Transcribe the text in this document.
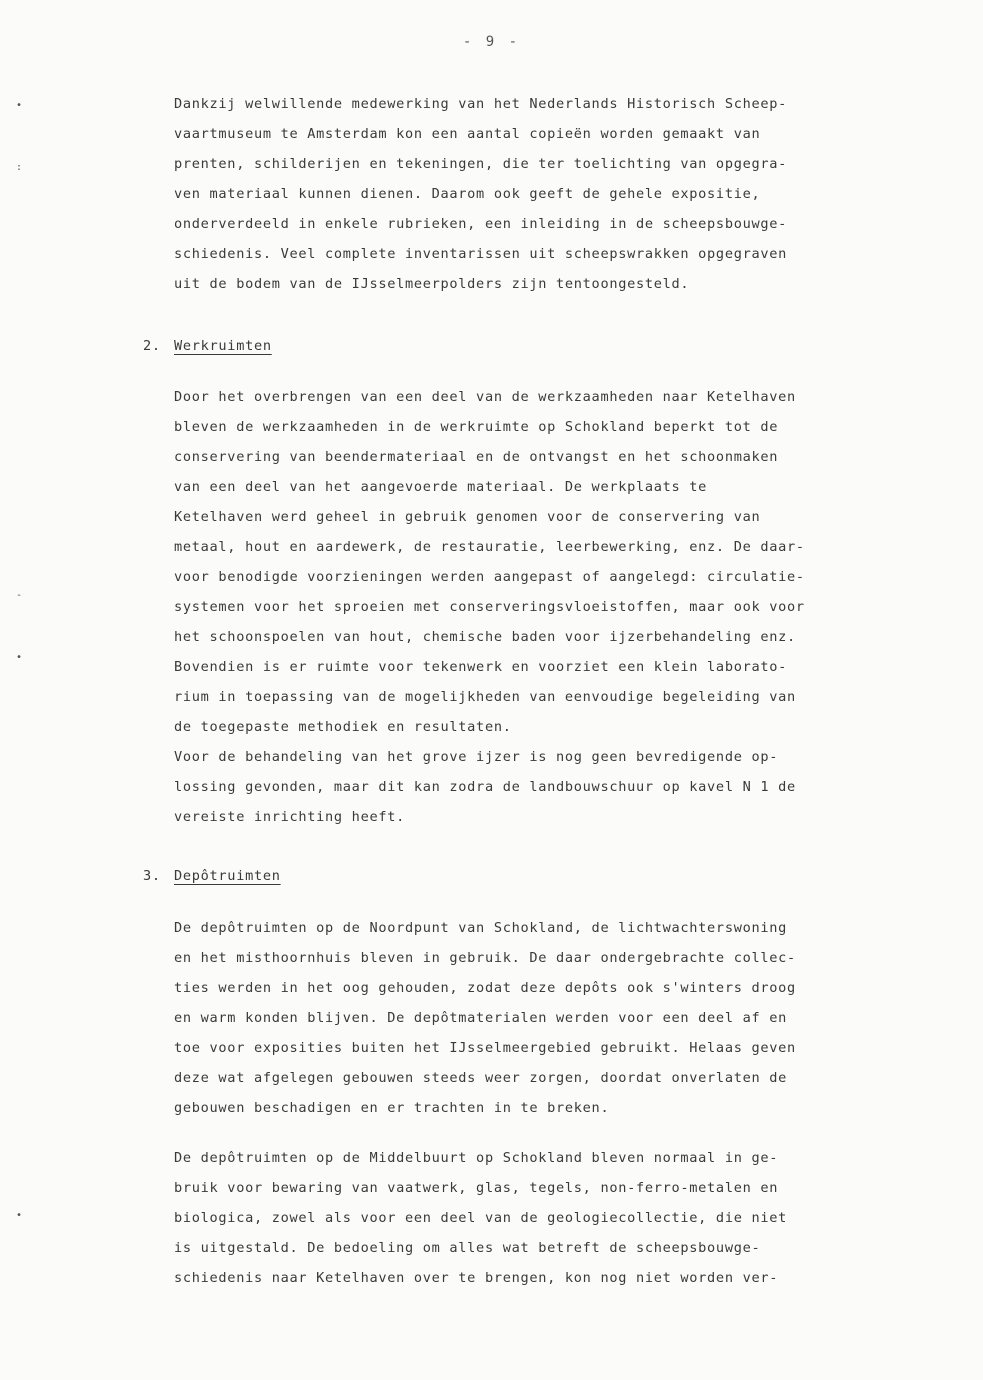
- 9 -
•
:
-
•
•
Dankzij welwillende medewerking van het Nederlands Historisch Scheep-
vaartmuseum te Amsterdam kon een aantal copieën worden gemaakt van
prenten, schilderijen en tekeningen, die ter toelichting van opgegra-
ven materiaal kunnen dienen. Daarom ook geeft de gehele expositie,
onderverdeeld in enkele rubrieken, een inleiding in de scheepsbouwge-
schiedenis. Veel complete inventarissen uit scheepswrakken opgegraven
uit de bodem van de IJsselmeerpolders zijn tentoongesteld.
2. Werkruimten
Door het overbrengen van een deel van de werkzaamheden naar Ketelhaven
bleven de werkzaamheden in de werkruimte op Schokland beperkt tot de
conservering van beendermateriaal en de ontvangst en het schoonmaken
van een deel van het aangevoerde materiaal. De werkplaats te
Ketelhaven werd geheel in gebruik genomen voor de conservering van
metaal, hout en aardewerk, de restauratie, leerbewerking, enz. De daar-
voor benodigde voorzieningen werden aangepast of aangelegd: circulatie-
systemen voor het sproeien met conserveringsvloeistoffen, maar ook voor
het schoonspoelen van hout, chemische baden voor ijzerbehandeling enz.
Bovendien is er ruimte voor tekenwerk en voorziet een klein laborato-
rium in toepassing van de mogelijkheden van eenvoudige begeleiding van
de toegepaste methodiek en resultaten.
Voor de behandeling van het grove ijzer is nog geen bevredigende op-
lossing gevonden, maar dit kan zodra de landbouwschuur op kavel N 1 de
vereiste inrichting heeft.
3. Depôtruimten
De depôtruimten op de Noordpunt van Schokland, de lichtwachterswoning
en het misthoornhuis bleven in gebruik. De daar ondergebrachte collec-
ties werden in het oog gehouden, zodat deze depôts ook s'winters droog
en warm konden blijven. De depôtmaterialen werden voor een deel af en
toe voor exposities buiten het IJsselmeergebied gebruikt. Helaas geven
deze wat afgelegen gebouwen steeds weer zorgen, doordat onverlaten de
gebouwen beschadigen en er trachten in te breken.
De depôtruimten op de Middelbuurt op Schokland bleven normaal in ge-
bruik voor bewaring van vaatwerk, glas, tegels, non-ferro-metalen en
biologica, zowel als voor een deel van de geologiecollectie, die niet
is uitgestald. De bedoeling om alles wat betreft de scheepsbouwge-
schiedenis naar Ketelhaven over te brengen, kon nog niet worden ver-
